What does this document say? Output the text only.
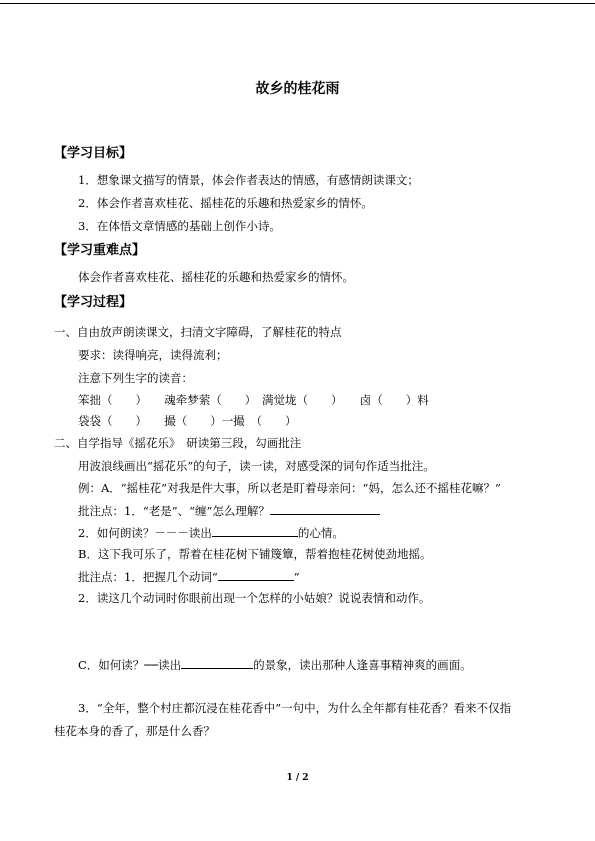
故乡的桂花雨
【学习目标】
1．想象课文描写的情景，体会作者表达的情感，有感情朗读课文；
2．体会作者喜欢桂花、摇桂花的乐趣和热爱家乡的情怀。
3．在体悟文章情感的基础上创作小诗。
【学习重难点】
体会作者喜欢桂花、摇桂花的乐趣和热爱家乡的情怀。
【学习过程】
一、自由放声朗读课文，扫清文字障碍，了解桂花的特点
要求：读得响亮，读得流利；
注意下列生字的读音：
笨拙（　　）　　魂牵梦萦（　　）　满觉垅（　　）　　卤（　　）料
袋袋（　　）　　撮（　　）一撮　（　　）
二、自学指导《摇花乐》　研读第三段，勾画批注
用波浪线画出“摇花乐”的句子，读一读，对感受深的词句作适当批注。
例：A．“摇桂花”对我是件大事，所以老是盯着母亲问：“妈，怎么还不摇桂花嘛？”
批注点：1．“老是”、“缠”怎么理解？
2．如何朗读？－－－读出	的心情。
B．这下我可乐了，帮着在桂花树下铺篾簟，帮着抱桂花树使劲地摇。
批注点：1．把握几个动词“	”
2．读这几个动词时你眼前出现一个怎样的小姑娘？说说表情和动作。
C．如何读？──读出	的景象，读出那种人逢喜事精神爽的画面。
3．“全年，整个村庄都沉浸在桂花香中”一句中，为什么全年都有桂花香？看来不仅指
桂花本身的香了，那是什么香？
1 / 2
